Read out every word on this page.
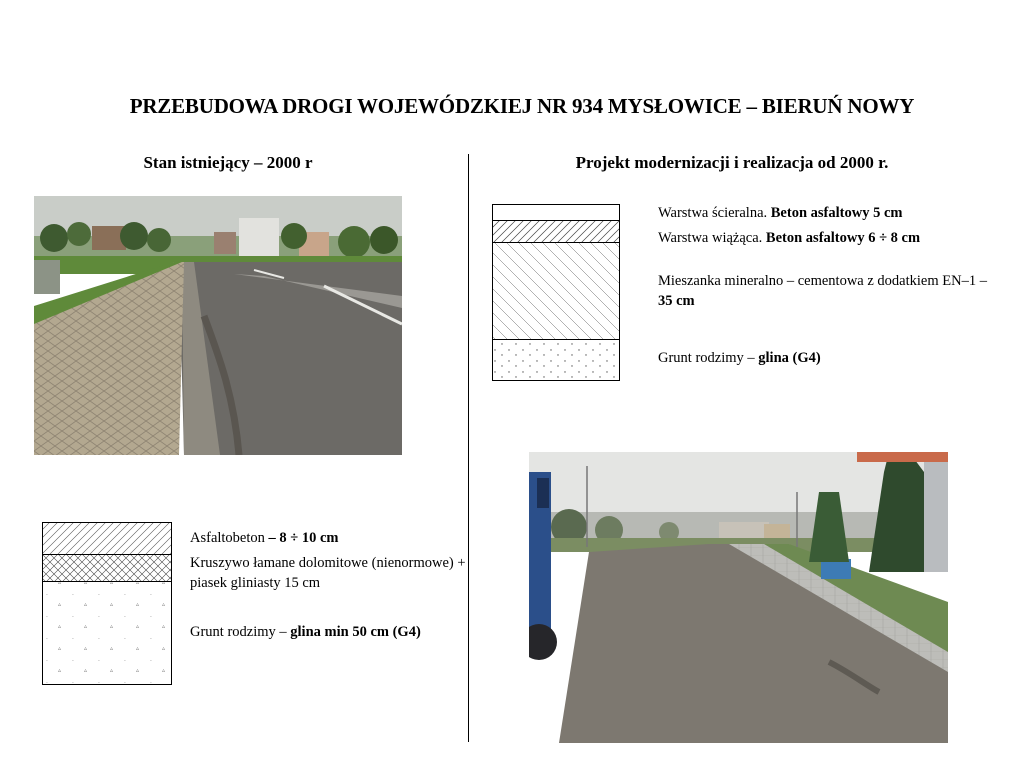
PRZEBUDOWA DROGI WOJEWÓDZKIEJ NR 934 MYSŁOWICE – BIERUŃ NOWY
Stan istniejący – 2000 r	Projekt modernizacji i realizacja od 2000 r.
Warstwa ścieralna. Beton asfaltowy 5 cm
Warstwa wiążąca. Beton asfaltowy 6 ÷ 8 cm
Mieszanka mineralno – cementowa z dodatkiem EN–1 – 35 cm
Grunt rodzimy – glina (G4)
Asfaltobeton – 8 ÷ 10 cm
Kruszywo łamane dolomitowe (nienormowe) + piasek gliniasty 15 cm
Grunt rodzimy – glina min 50 cm (G4)
